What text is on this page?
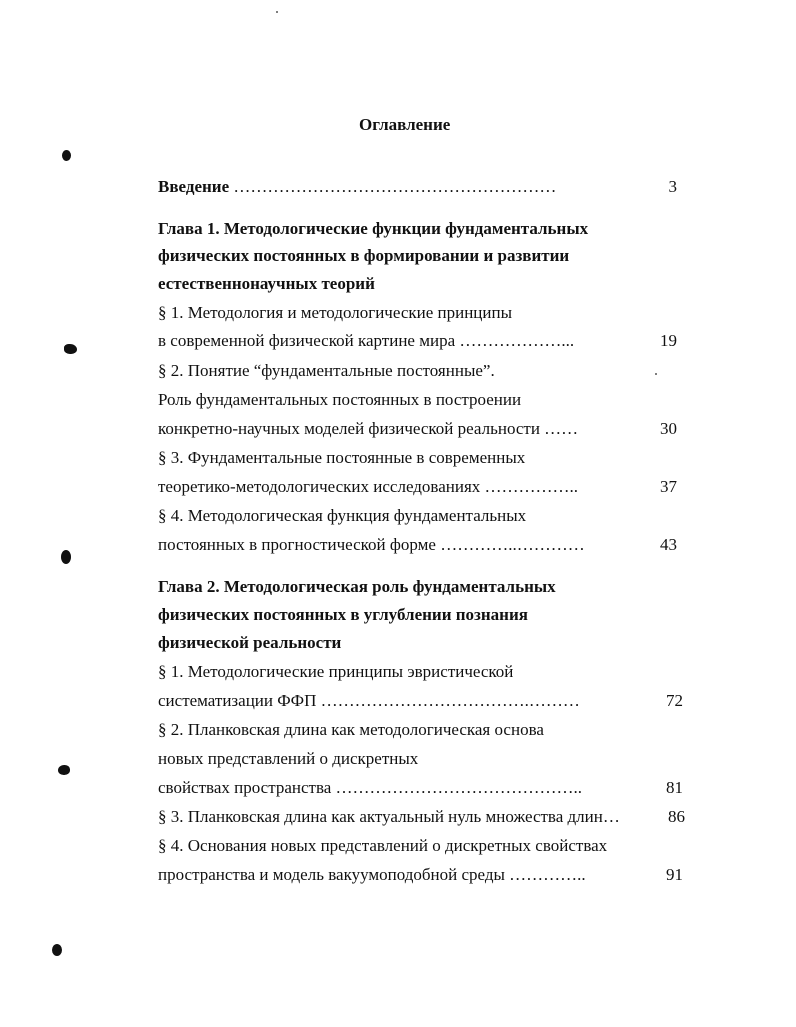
Оглавление
Введение …………………………………………………	3
Глава 1. Методологические функции фундаментальных
физических постоянных в формировании и развитии
естественнонаучных теорий
§ 1. Методология и методологические принципы
в современной физической картине мира ………………...	19
§ 2. Понятие “фундаментальные постоянные”.
Роль фундаментальных постоянных в построении
конкретно-научных моделей физической реальности ……	30
§ 3. Фундаментальные постоянные в современных
теоретико-методологических исследованиях ……………..	37
§ 4. Методологическая функция фундаментальных
постоянных в прогностической форме …………..…………	43
Глава 2. Методологическая роль фундаментальных
физических постоянных в углублении познания
физической реальности
§ 1. Методологические принципы эвристической
систематизации ФФП ……………………………….………	72
§ 2. Планковская длина как методологическая основа
новых представлений о дискретных
свойствах пространства ……………………………………..	81
§ 3. Планковская длина как актуальный нуль множества длин…	86
§ 4. Основания новых представлений о дискретных свойствах
пространства и модель вакуумоподобной среды …………..	91
